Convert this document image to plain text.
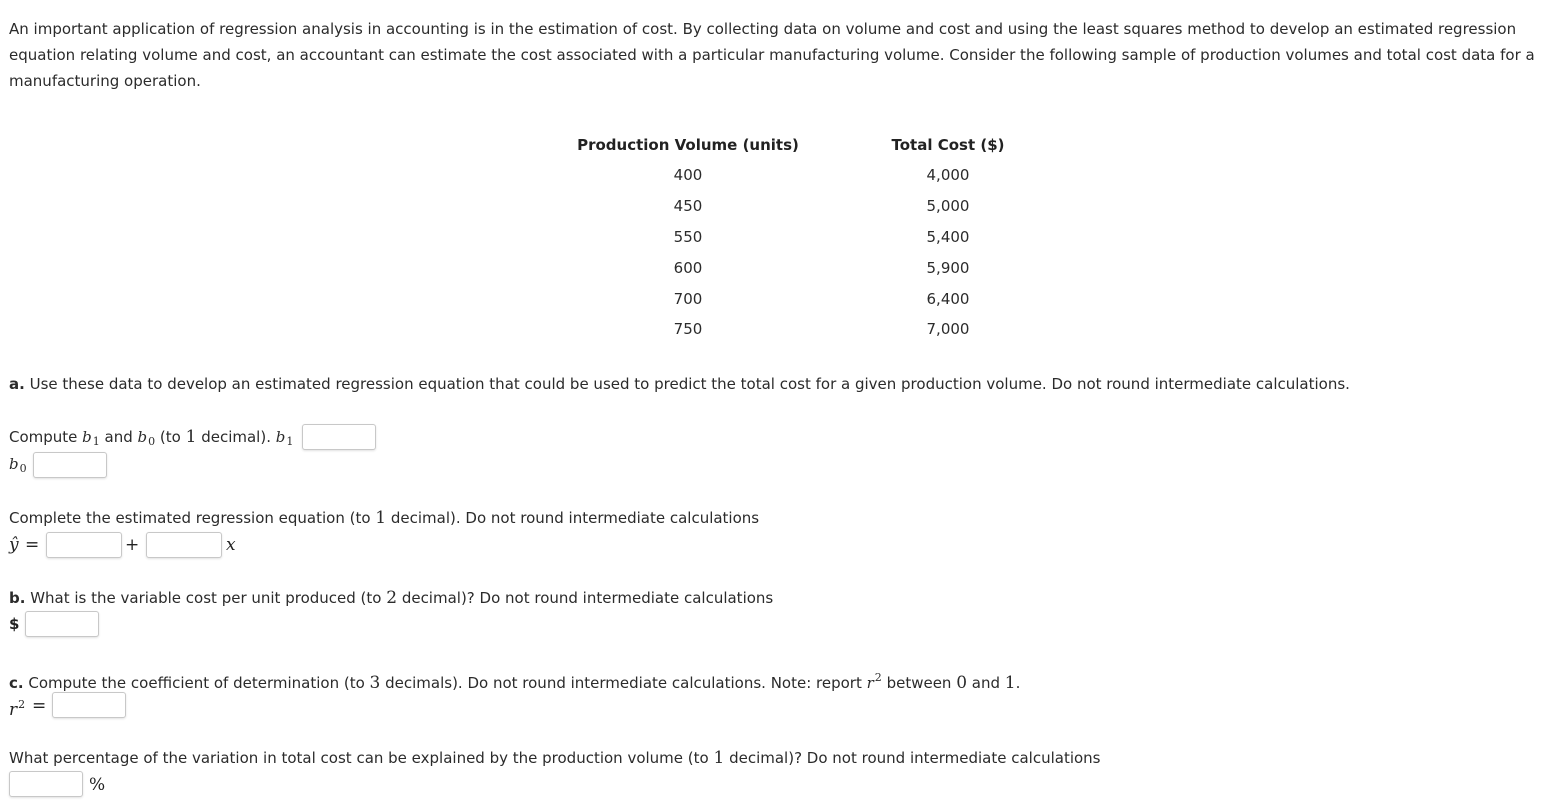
An important application of regression analysis in accounting is in the estimation of cost. By collecting data on volume and cost and using the least squares method to develop an estimated regression equation relating volume and cost, an accountant can estimate the cost associated with a particular manufacturing volume. Consider the following sample of production volumes and total cost data for a manufacturing operation.

Production Volume (units)	Total Cost ($)
400	4,000
450	5,000
550	5,400
600	5,900
700	6,400
750	7,000
a. Use these data to develop an estimated regression equation that could be used to predict the total cost for a given production volume. Do not round intermediate calculations.
Compute $b_1$ and $b_0$ (to 1 decimal). $b_1$
$b_0$
Complete the estimated regression equation (to 1 decimal). Do not round intermediate calculations
ŷ =	+	x
b. What is the variable cost per unit produced (to 2 decimal)? Do not round intermediate calculations
$
c. Compute the coefficient of determination (to 3 decimals). Do not round intermediate calculations. Note: report $r^2$ between 0 and 1.
$r^2$ =
What percentage of the variation in total cost can be explained by the production volume (to 1 decimal)? Do not round intermediate calculations
%
